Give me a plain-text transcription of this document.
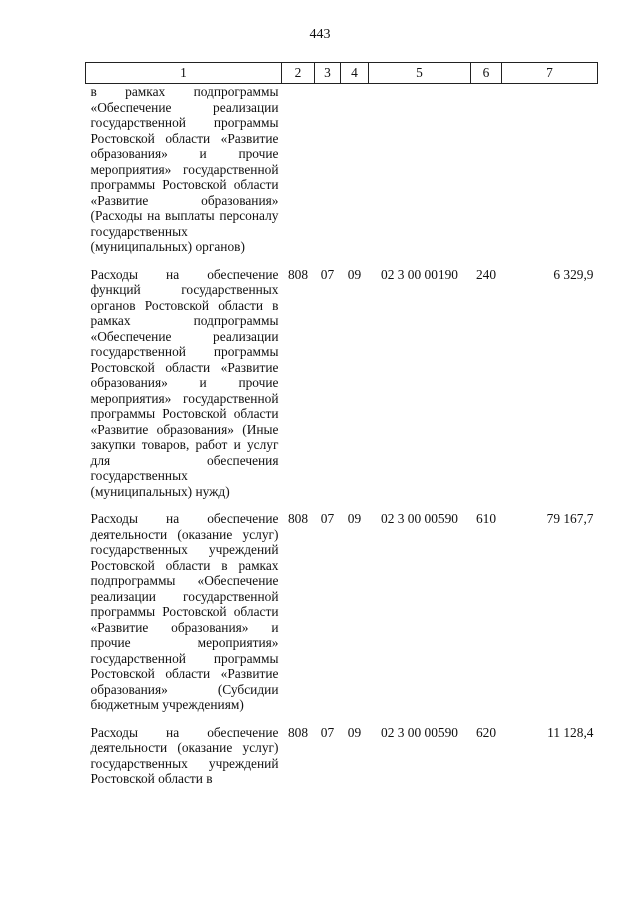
443
1	2	3	4	5	6	7
в рамках подпрограммы «Обеспечение реализации государственной программы Ростовской области «Развитие образования» и прочие мероприятия» государственной программы Ростовской области «Развитие образования» (Расходы на выплаты персоналу государственных (муниципальных) органов)						
Расходы на обеспечение функций государственных органов Ростовской области в рамках подпрограммы «Обеспечение реализации государственной программы Ростовской области «Развитие образования» и прочие мероприятия» государственной программы Ростовской области «Развитие образования» (Иные закупки товаров, работ и услуг для обеспечения государственных (муниципальных) нужд)	808	07	09	02 3 00 00190	240	6 329,9
Расходы на обеспечение деятельности (оказание услуг) государственных учреждений Ростовской области в рамках подпрограммы «Обеспечение реализации государственной программы Ростовской области «Развитие образования» и прочие мероприятия» государственной программы Ростовской области «Развитие образования» (Субсидии бюджетным учреждениям)	808	07	09	02 3 00 00590	610	79 167,7
Расходы на обеспечение деятельности (оказание услуг) государственных учреждений Ростовской области в	808	07	09	02 3 00 00590	620	11 128,4
